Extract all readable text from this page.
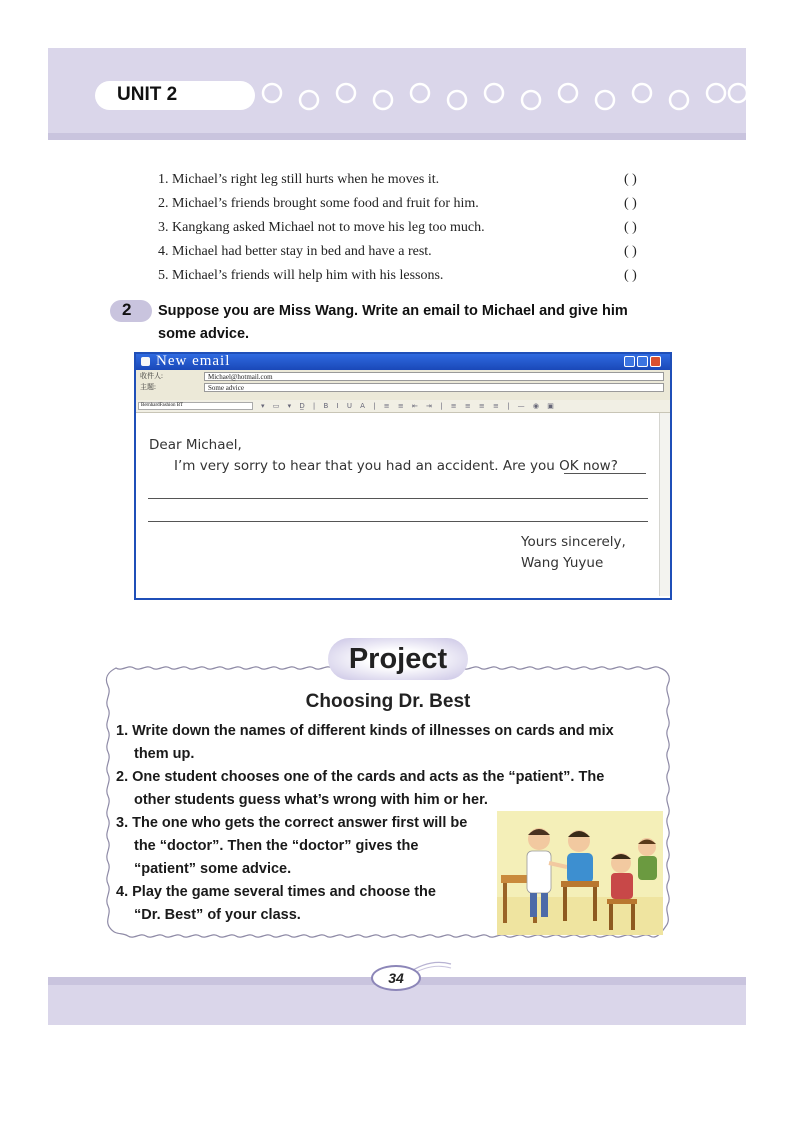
UNIT 2
1. Michael’s right leg still hurts when he moves it.	( )
2. Michael’s friends brought some food and fruit for him.	( )
3. Kangkang asked Michael not to move his leg too much.	( )
4. Michael had better stay in bed and have a rest.	( )
5. Michael’s friends will help him with his lessons.	( )
2 Suppose you are Miss Wang. Write an email to Michael and give him
some advice.
New email
收件人:	Michael@hotmail.com
主题:	Some advice
BernhardFashion BT	▾ ▭ ▾ D̲ | B I U A | ≡ ≡ ⇤ ⇥ | ≡ ≡ ≡ ≡ | — ◉ ▣
Dear Michael,
I’m very sorry to hear that you had an accident. Are you OK now?
Yours sincerely,
Wang Yuyue
Project
Choosing Dr. Best
1. Write down the names of different kinds of illnesses on cards and mix
them up.
2. One student chooses one of the cards and acts as the “patient”. The
other students guess what’s wrong with him or her.
3. The one who gets the correct answer first will be
the “doctor”. Then the “doctor” gives the
“patient” some advice.
4. Play the game several times and choose the
“Dr. Best” of your class.
34
